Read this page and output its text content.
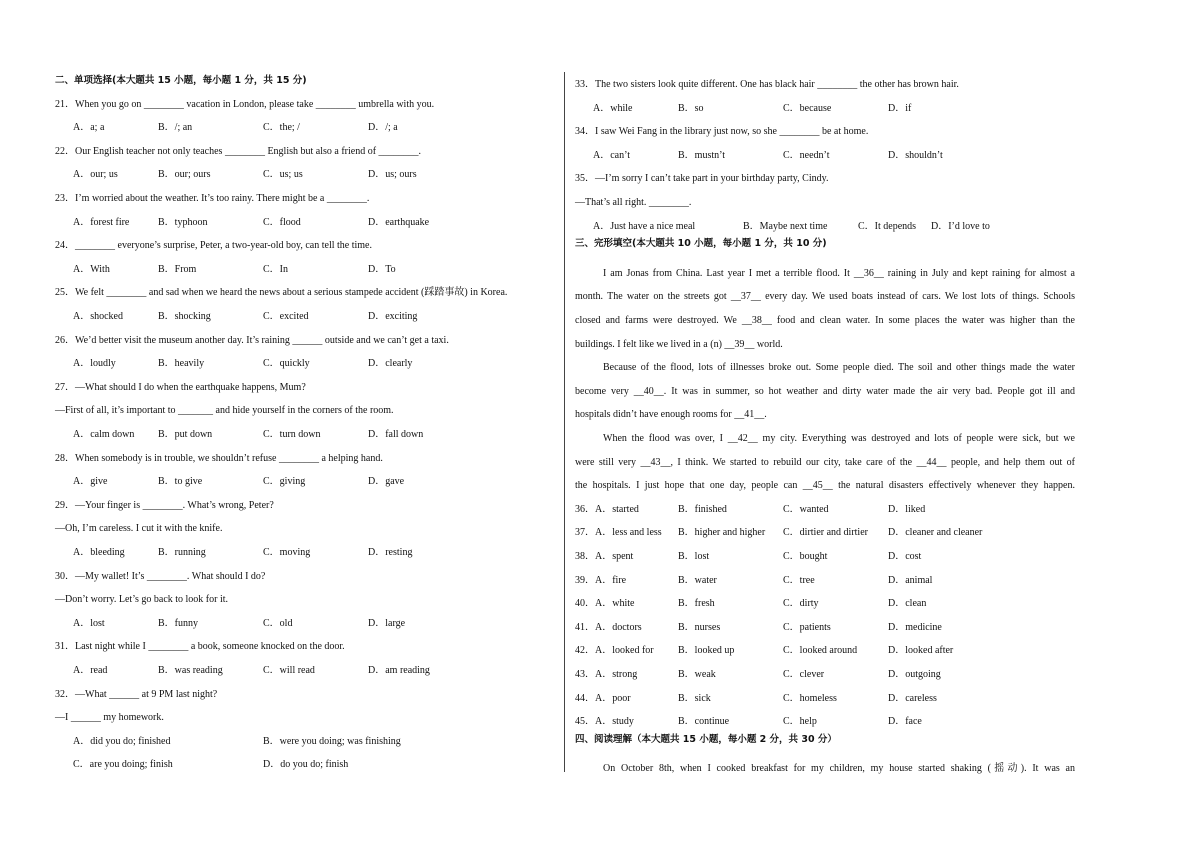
二、单项选择(本大题共 15 小题，每小题 1 分，共 15 分)
21．When you go on ________ vacation in London, please take ________ umbrella with you.
A．a; a	B．/; an	C．the; /	D．/; a
22．Our English teacher not only teaches ________ English but also a friend of ________.
A．our; us	B．our; ours	C．us; us	D．us; ours
23．I’m worried about the weather. It’s too rainy. There might be a ________.
A．forest fire	B．typhoon	C．flood	D．earthquake
24．________ everyone’s surprise, Peter, a two-year-old boy, can tell the time.
A．With	B．From	C．In	D．To
25．We felt ________ and sad when we heard the news about a serious stampede accident (踩踏事故) in Korea.
A．shocked	B．shocking	C．excited	D．exciting
26．We’d better visit the museum another day. It’s raining ______ outside and we can’t get a taxi.
A．loudly	B．heavily	C．quickly	D．clearly
27．—What should I do when the earthquake happens, Mum?
—First of all, it’s important to _______ and hide yourself in the corners of the room.
A．calm down B．put down	C．turn down	D．fall down
28．When somebody is in trouble, we shouldn’t refuse ________ a helping hand.
A．give	B．to give	C．giving	D．gave
29．—Your finger is ________. What’s wrong, Peter?
—Oh, I’m careless. I cut it with the knife.
A．bleeding	B．running	C．moving	D．resting
30．—My wallet! It’s ________. What should I do?
—Don’t worry. Let’s go back to look for it.
A．lost	B．funny	C．old	D．large
31．Last night while I ________ a book, someone knocked on the door.
A．read	B．was reading	C．will read	D．am reading
32．—What ______ at 9 PM last night?
—I ______ my homework.
A．did you do; finished	B．were you doing; was finishing
C．are you doing; finish	D．do you do; finish
33．The two sisters look quite different. One has black hair ________ the other has brown hair.
A．while	B．so	C．because	D．if
34．I saw Wei Fang in the library just now, so she ________ be at home.
A．can’t	B．mustn’t	C．needn’t	D．shouldn’t
35．—I’m sorry I can’t take part in your birthday party, Cindy.
—That’s all right. ________.
A．Just have a nice meal	B．Maybe next time	C．It depends D．I’d love to
三、完形填空(本大题共 10 小题，每小题 1 分，共 10 分)
I am Jonas from China. Last year I met a terrible flood. It __36__ raining in July and kept raining for almost a
month. The water on the streets got __37__ every day. We used boats instead of cars. We lost lots of things. Schools
closed and farms were destroyed. We __38__ food and clean water. In some places the water was higher than the
buildings. I felt like we lived in a (n) __39__ world.
Because of the flood, lots of illnesses broke out. Some people died. The soil and other things made the water
become very __40__. It was in summer, so hot weather and dirty water made the air very bad. People got ill and
hospitals didn’t have enough rooms for __41__.
When the flood was over, I __42__ my city. Everything was destroyed and lots of people were sick, but we
were still very __43__, I think. We started to rebuild our city, take care of the __44__ people, and help them out of
the hospitals. I just hope that one day, people can __45__ the natural disasters effectively whenever they happen.
36．A．started	B．finished	C．wanted	D．liked
37．A．less and less B．higher and higher C．dirtier and dirtier D．cleaner and cleaner
38．A．spent	B．lost	C．bought	D．cost
39．A．fire	B．water	C．tree	D．animal
40．A．white	B．fresh	C．dirty	D．clean
41．A．doctors	B．nurses	C．patients	D．medicine
42．A．looked for B．looked up	C．looked around	D．looked after
43．A．strong	B．weak	C．clever	D．outgoing
44．A．poor	B．sick	C．homeless	D．careless
45．A．study	B．continue	C．help	D．face
四、阅读理解（本大题共 15 小题，每小题 2 分，共 30 分）
On October 8th, when I cooked breakfast for my children, my house started shaking (摇动). It was an
